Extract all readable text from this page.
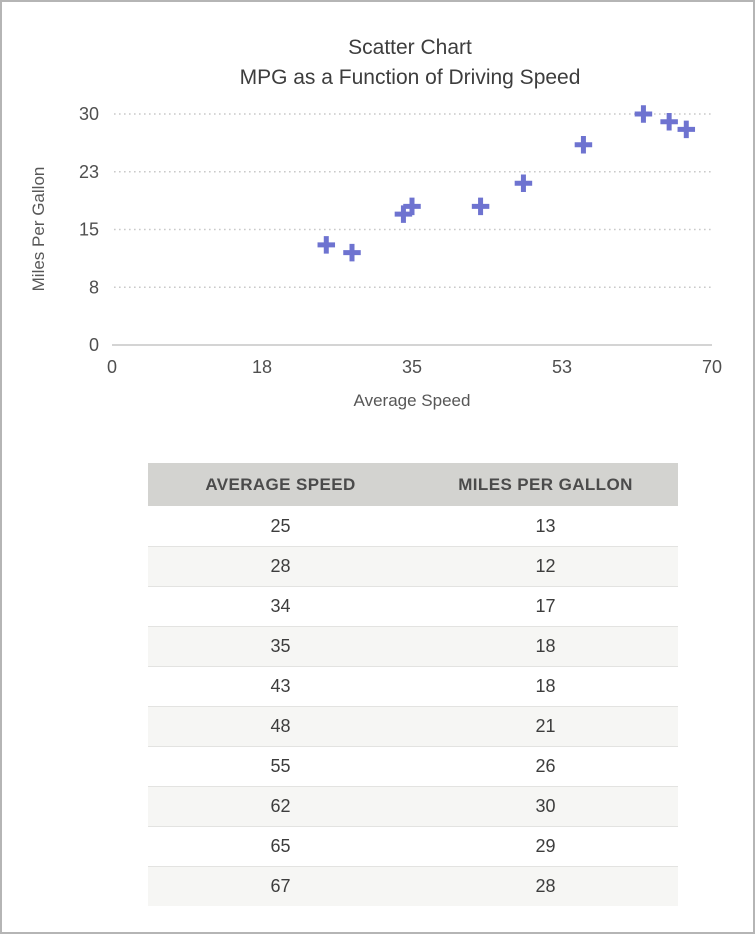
Scatter Chart
MPG as a Function of Driving Speed
0
8
15
23
30
0	18	35	53	70
Miles Per Gallon
Average Speed
AVERAGE SPEED	MILES PER GALLON
25	13
28	12
34	17
35	18
43	18
48	21
55	26
62	30
65	29
67	28
